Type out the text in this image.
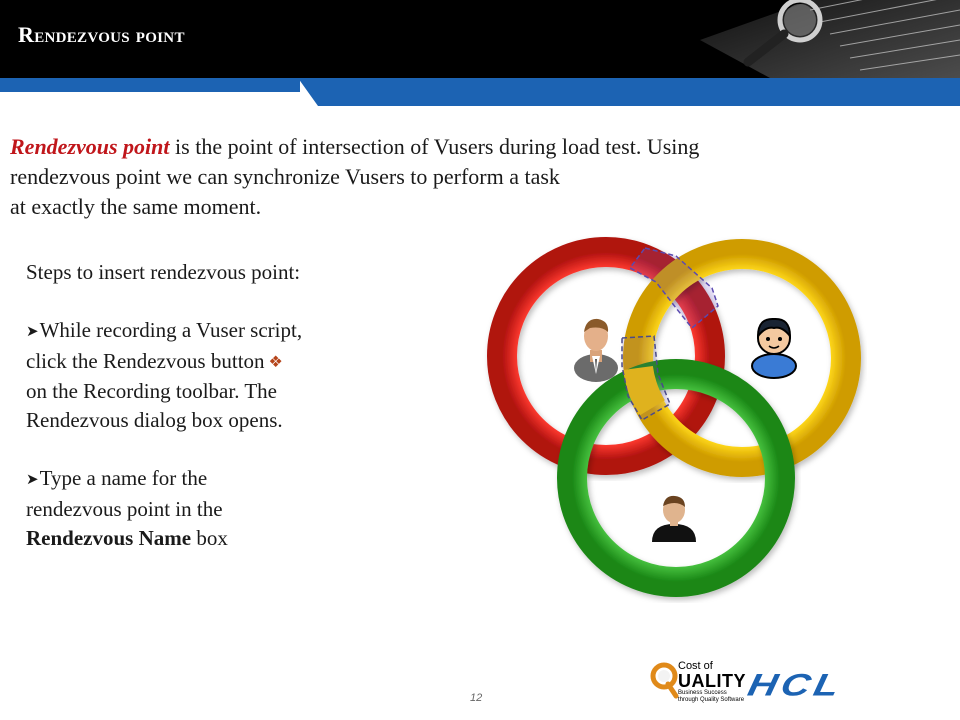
Rendezvous point
Rendezvous point is the point of intersection of Vusers during load test. Using
rendezvous point we can synchronize Vusers to perform a task
at exactly the same moment.

Steps to insert rendezvous point:

➤While recording a Vuser script,

click the Rendezvous button ❖

on the Recording toolbar. The

Rendezvous dialog box opens.

➤Type a name for the

rendezvous point in the

Rendezvous Name box

12
Cost of
UALITY
Business Success
through Quality Software HCL
